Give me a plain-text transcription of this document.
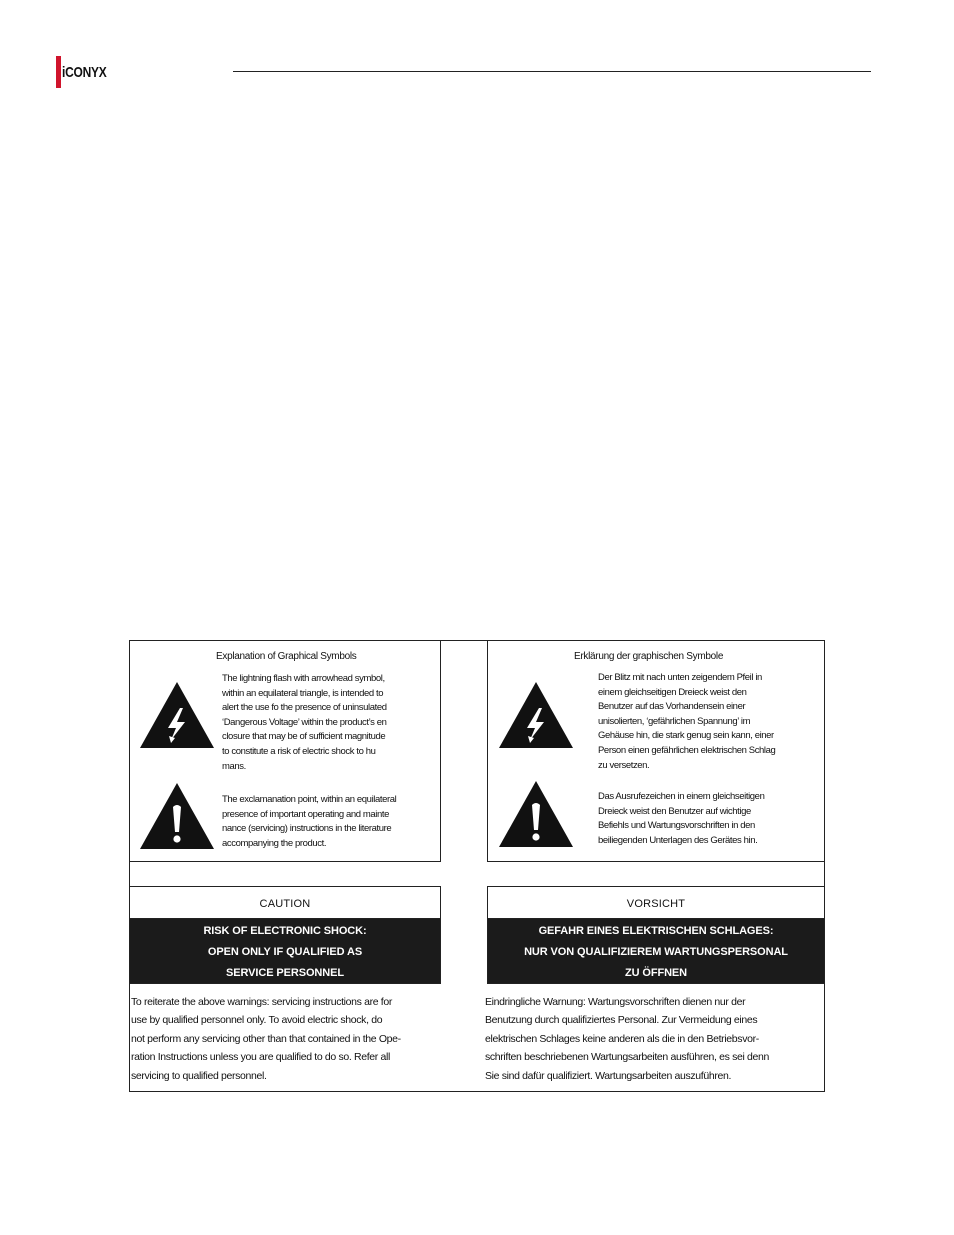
iCONYX
Explanation of Graphical Symbols
The lightning flash with arrowhead symbol,
within an equilateral triangle, is intended to
alert the use fo the presence of uninsulated
‘Dangerous Voltage’ within the product’s en
closure that may be of sufficient magnitude
to constitute a risk of electric shock to hu
mans.
The exclamanation point, within an equilateral
presence of important operating and mainte
nance (servicing) instructions in the literature
accompanying the product.
Erklärung der graphischen Symbole
Der Blitz mit nach unten zeigendem Pfeil in
einem gleichseitigen Dreieck weist den
Benutzer auf das Vorhandensein einer
unisolierten, ‘gefährlichen Spannung’ im
Gehäuse hin, die stark genug sein kann, einer
Person einen gefährlichen elektrischen Schlag
zu versetzen.
Das Ausrufezeichen in einem gleichseitigen
Dreieck weist den Benutzer auf wichtige
Befiehls und Wartungsvorschriften in den
beiliegenden Unterlagen des Gerätes hin.
CAUTION
RISK OF ELECTRONIC SHOCK:
OPEN ONLY IF QUALIFIED AS
SERVICE PERSONNEL
VORSICHT
GEFAHR EINES ELEKTRISCHEN SCHLAGES:
NUR VON QUALIFIZIEREM WARTUNGSPERSONAL
ZU ÖFFNEN
To reiterate the above warnings: servicing instructions are for
use by qualified personnel only. To avoid electric shock, do
not perform any servicing other than that contained in the Ope-
ration Instructions unless you are qualified to do so. Refer all
servicing to qualified personnel.
Eindringliche Warnung: Wartungsvorschriften dienen nur der
Benutzung durch qualifiziertes Personal. Zur Vermeidung eines
elektrischen Schlages keine anderen als die in den Betriebsvor-
schriften beschriebenen Wartungsarbeiten ausführen, es sei denn
Sie sind dafür qualifiziert. Wartungsarbeiten auszuführen.
